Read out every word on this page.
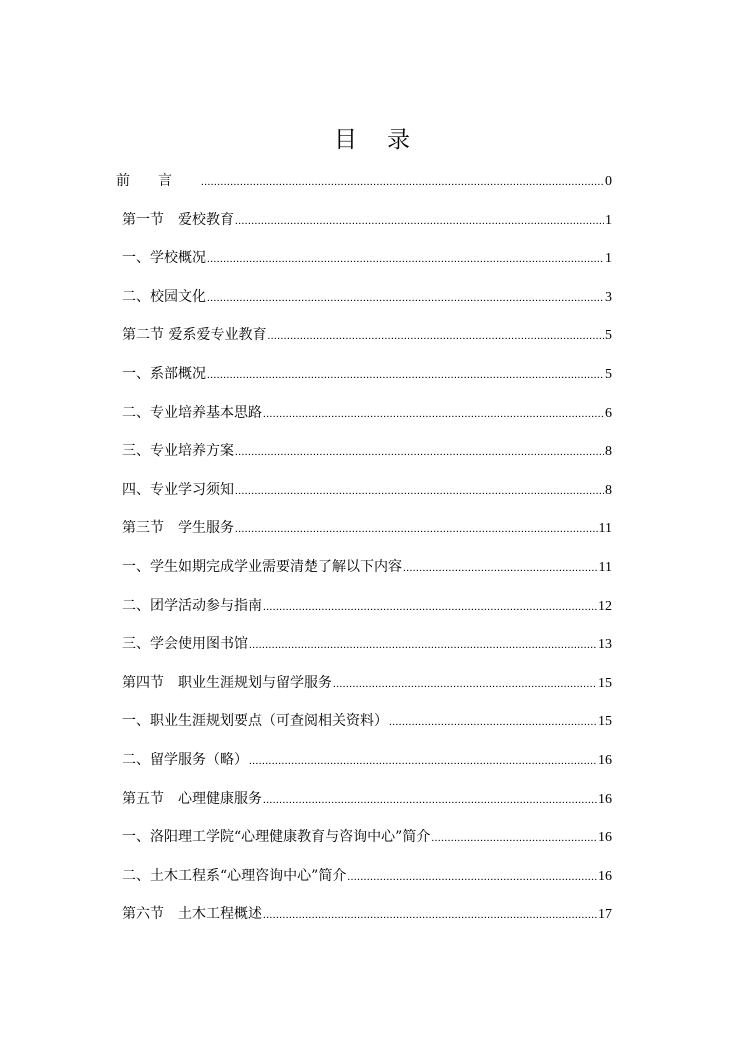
目录
前言 .....	0
第一节　爱校教育 .....	1
一、学校概况 .....	1
二、校园文化 .....	3
第二节 爱系爱专业教育 .....	5
一、系部概况 .....	5
二、专业培养基本思路 .....	6
三、专业培养方案 .....	8
四、专业学习须知 .....	8
第三节　学生服务 .....	11
一、学生如期完成学业需要清楚了解以下内容 .....	11
二、团学活动参与指南 .....	12
三、学会使用图书馆 .....	13
第四节　职业生涯规划与留学服务 .....	15
一、职业生涯规划要点（可查阅相关资料） .....	15
二、留学服务（略） .....	16
第五节　心理健康服务 .....	16
一、洛阳理工学院“心理健康教育与咨询中心”简介 .....	16
二、土木工程系“心理咨询中心”简介 .....	16
第六节　土木工程概述 .....	17
